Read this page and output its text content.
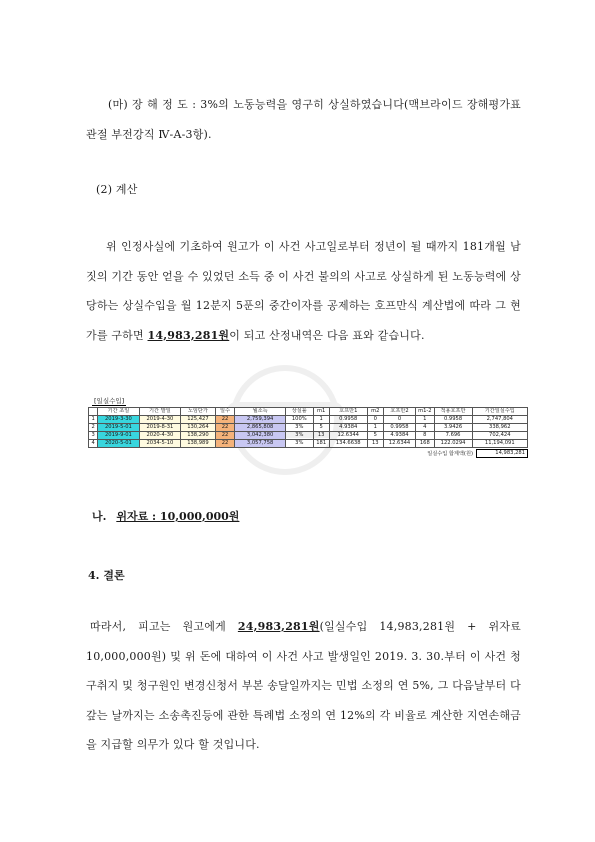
(마) 장 해 정 도 : 3%의 노동능력을 영구히 상실하였습니다(맥브라이드 장해평가표 관절 부전강직 Ⅳ-A-3항).
(2) 계산
위 인정사실에 기초하여 원고가 이 사건 사고일로부터 정년이 될 때까지 181개월 남짓의 기간 동안 얻을 수 있었던 소득 중 이 사건 불의의 사고로 상실하게 된 노동능력에 상당하는 상실수입을 월 12분지 5푼의 중간이자를 공제하는 호프만식 계산법에 따라 그 현가를 구하면 14,983,281원이 되고 산정내역은 다음 표와 같습니다.
[일실수입]
	기간 초일	기간 말일	노임단가	일수	월소득	상실률	m1	호프만1	m2	호프만2	m1-2	적용호프만	기간일실수입
1	2019-3-30	2019-4-30	125,427	22	2,759,394	100%	1	0.9958	0	0	1	0.9958	2,747,804
2	2019-5-01	2019-8-31	130,264	22	2,865,808	3%	5	4.9384	1	0.9958	4	3.9426	338,962
3	2019-9-01	2020-4-30	138,290	22	3,042,380	3%	13	12.6344	5	4.9384	8	7.696	702,424
4	2020-5-01	2034-5-10	138,989	22	3,057,758	3%	181	134.6638	13	12.6344	168	122.0294	11,194,091
일실수입 합계액(원)	14,983,281
나. 위자료 : 10,000,000원
4. 결론
따라서, 피고는 원고에게 24,983,281원(일실수입 14,983,281원 + 위자료 10,000,000원) 및 위 돈에 대하여 이 사건 사고 발생일인 2019. 3. 30.부터 이 사건 청구취지 및 청구원인 변경신청서 부본 송달일까지는 민법 소정의 연 5%, 그 다음날부터 다 갚는 날까지는 소송촉진등에 관한 특례법 소정의 연 12%의 각 비율로 계산한 지연손해금을 지급할 의무가 있다 할 것입니다.
